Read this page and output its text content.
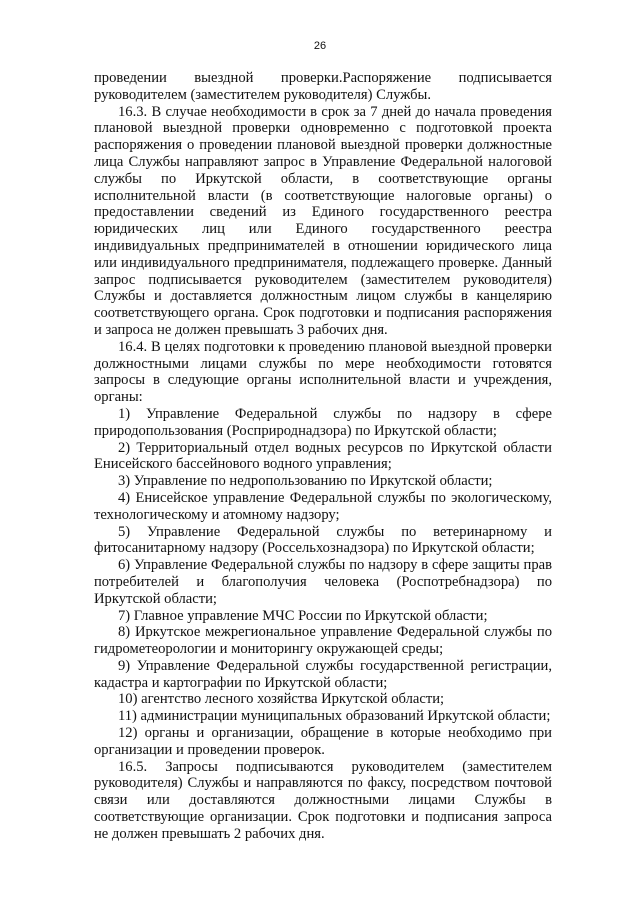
26

проведении выездной проверки.Распоряжение подписывается руководителем (заместителем руководителя) Службы.

16.3. В случае необходимости в срок за 7 дней до начала проведения плановой выездной проверки одновременно с подготовкой проекта распоряжения о проведении плановой выездной проверки должностные лица Службы направляют запрос в Управление Федеральной налоговой службы по Иркутской области, в соответствующие органы исполнительной власти (в соответствующие налоговые органы) о предоставлении сведений из Единого государственного реестра юридических лиц или Единого государственного реестра индивидуальных предпринимателей в отношении юридического лица или индивидуального предпринимателя, подлежащего проверке. Данный запрос подписывается руководителем (заместителем руководителя) Службы и доставляется должностным лицом службы в канцелярию соответствующего органа. Срок подготовки и подписания распоряжения и запроса не должен превышать 3 рабочих дня.

16.4. В целях подготовки к проведению плановой выездной проверки должностными лицами службы по мере необходимости готовятся запросы в следующие органы исполнительной власти и учреждения, органы:

1) Управление Федеральной службы по надзору в сфере природопользования (Росприроднадзора) по Иркутской области;

2) Территориальный отдел водных ресурсов по Иркутской области Енисейского бассейнового водного управления;

3) Управление по недропользованию по Иркутской области;

4) Енисейское управление Федеральной службы по экологическому, технологическому и атомному надзору;

5) Управление Федеральной службы по ветеринарному и фитосанитарному надзору (Россельхознадзора) по Иркутской области;

6) Управление Федеральной службы по надзору в сфере защиты прав потребителей и благополучия человека (Роспотребнадзора) по Иркутской области;

7) Главное управление МЧС России по Иркутской области;

8) Иркутское межрегиональное управление Федеральной службы по гидрометеорологии и мониторингу окружающей среды;

9) Управление Федеральной службы государственной регистрации, кадастра и картографии по Иркутской области;

10) агентство лесного хозяйства Иркутской области;

11) администрации муниципальных образований Иркутской области;

12) органы и организации, обращение в которые необходимо при организации и проведении проверок.

16.5. Запросы подписываются руководителем (заместителем руководителя) Службы и направляются по факсу, посредством почтовой связи или доставляются должностными лицами Службы в соответствующие организации. Срок подготовки и подписания запроса не должен превышать 2 рабочих дня.
